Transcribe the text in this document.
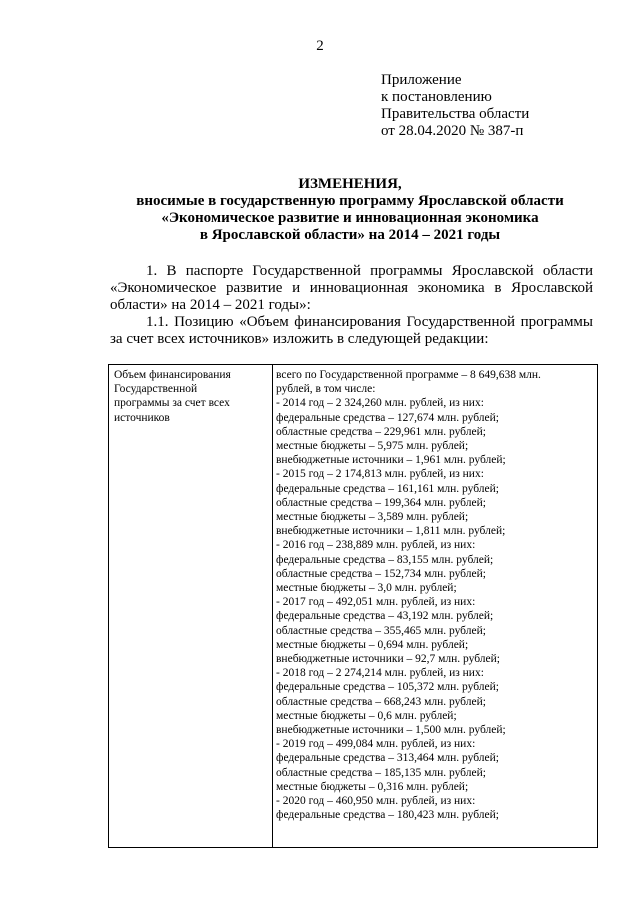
2
Приложение
к постановлению
Правительства области
от 28.04.2020 № 387-п
ИЗМЕНЕНИЯ,
вносимые в государственную программу Ярославской области
«Экономическое развитие и инновационная экономика
в Ярославской области» на 2014 – 2021 годы
1. В паспорте Государственной программы Ярославской области «Экономическое развитие и инновационная экономика в Ярославской области» на 2014 – 2021 годы»:
1.1. Позицию «Объем финансирования Государственной программы за счет всех источников» изложить в следующей редакции:
Объем финансирования
Государственной
программы за счет всех
источников
всего по Государственной программе – 8 649,638 млн.
рублей, в том числе:
- 2014 год – 2 324,260 млн. рублей, из них:
федеральные средства – 127,674 млн. рублей;
областные средства – 229,961 млн. рублей;
местные бюджеты – 5,975 млн. рублей;
внебюджетные источники – 1,961 млн. рублей;
- 2015 год – 2 174,813 млн. рублей, из них:
федеральные средства – 161,161 млн. рублей;
областные средства – 199,364 млн. рублей;
местные бюджеты – 3,589 млн. рублей;
внебюджетные источники – 1,811 млн. рублей;
- 2016 год – 238,889 млн. рублей, из них:
федеральные средства – 83,155 млн. рублей;
областные средства – 152,734 млн. рублей;
местные бюджеты – 3,0 млн. рублей;
- 2017 год – 492,051 млн. рублей, из них:
федеральные средства – 43,192 млн. рублей;
областные средства – 355,465 млн. рублей;
местные бюджеты – 0,694 млн. рублей;
внебюджетные источники – 92,7 млн. рублей;
- 2018 год – 2 274,214 млн. рублей, из них:
федеральные средства – 105,372 млн. рублей;
областные средства – 668,243 млн. рублей;
местные бюджеты – 0,6 млн. рублей;
внебюджетные источники – 1,500 млн. рублей;
- 2019 год – 499,084 млн. рублей, из них:
федеральные средства – 313,464 млн. рублей;
областные средства – 185,135 млн. рублей;
местные бюджеты – 0,316 млн. рублей;
- 2020 год – 460,950 млн. рублей, из них:
федеральные средства – 180,423 млн. рублей;
